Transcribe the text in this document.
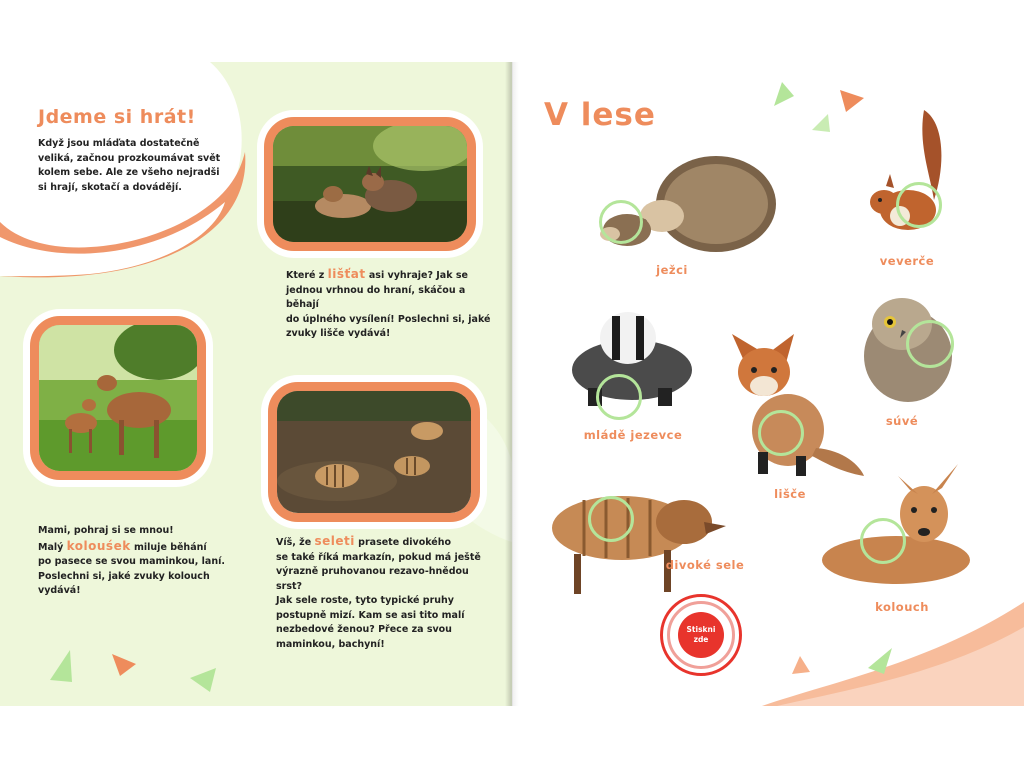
Jdeme si hrát!
Když jsou mláďata dostatečně
veliká, začnou prozkoumávat svět
kolem sebe. Ale ze všeho nejradši
si hrají, skotačí a dovádějí.
Které z lišťat asi vyhraje? Jak se
jednou vrhnou do hraní, skáčou a běhají
do úplného vysílení! Poslechni si, jaké
zvuky lišče vydává!
Mami, pohraj si se mnou!
Malý kolouśek miluje běhání
po pasece se svou maminkou, laní.
Poslechni si, jaké zvuky kolouch
vydává!
Víš, že seleti prasete divokého
se také říká markazín, pokud má ještě
výrazně pruhovanou rezavo-hnědou srst?
Jak sele roste, tyto typické pruhy
postupně mizí. Kam se asi tito malí
nezbedové ženou? Přece za svou
maminkou, bachyní!
V lese
ježci
veverče
mládě jezevce
lišče
súvé
divoké sele
kolouch
Stiskni
zde
